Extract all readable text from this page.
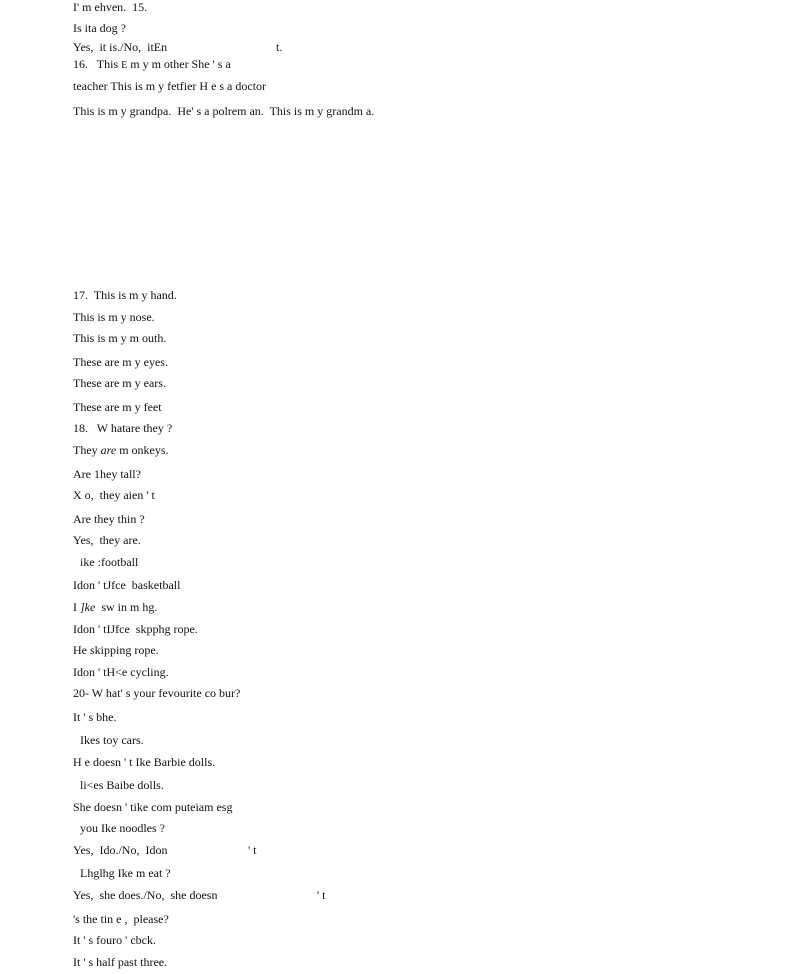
I' m ehven.  15.
Is ita dog ?
Yes,  it is./No,  itEn	t.
16.   This E m y m other She ' s a
teacher This is m y fetfier H e s a doctor
This is m y grandpa.  He' s a polrem an.  This is m y grandm a.
17.  This is m y hand.
This is m y nose.
This is m y m outh.
These are m y eyes.
These are m y ears.
These are m y feet
18.   W hatare they ?
They are m onkeys.
Are 1hey tall?
X o,  they aien ' t
Are they thin ?
Yes,  they are.
ike :football
Idon ' tJfce  basketball
I ]ke  sw in m hg.
Idon ' tIJfce  skpphg rope.
He skipping rope.
Idon ' tH<e cycling.
20- W hat' s your fevourite co bur?
It ' s bhe.
Ikes toy cars.
H e doesn ' t Ike Barbie dolls.
li<es Baibe dolls.
She doesn ' tike com puteiam esg
you Ike noodles ?
Yes,  Ido./No,  Idon	' t
Lhglhg Ike m eat ?
Yes,  she does./No,  she doesn	' t
's the tin e ,  please?
It ' s fouro ' cbck.
It ' s half past three.
